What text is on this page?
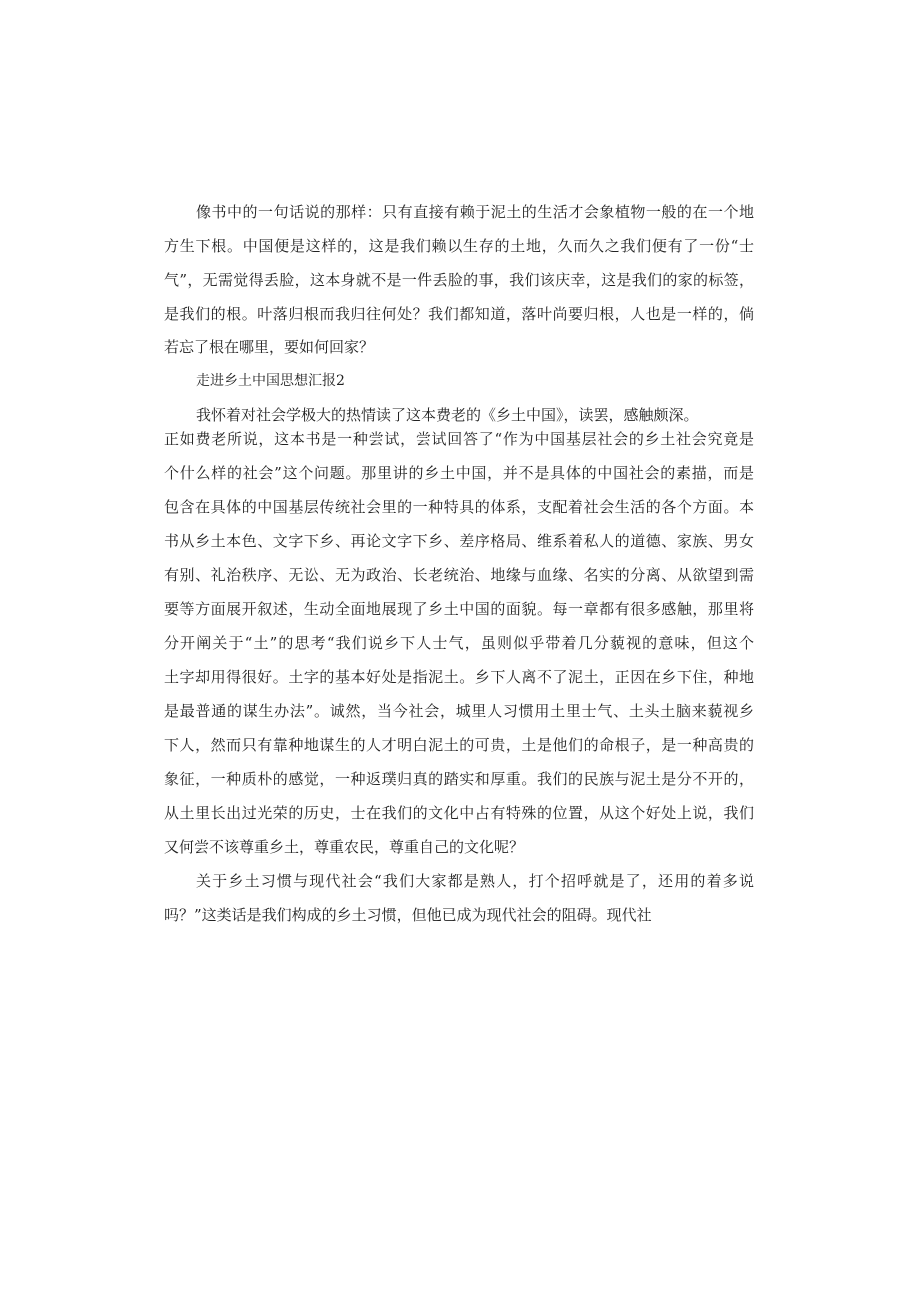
像书中的一句话说的那样：只有直接有赖于泥土的生活才会象植物一般的在一个地
方生下根。中国便是这样的，这是我们赖以生存的土地，久而久之我们便有了一份“士
气”，无需觉得丢脸，这本身就不是一件丢脸的事，我们该庆幸，这是我们的家的标签，
是我们的根。叶落归根而我归往何处？我们都知道，落叶尚要归根，人也是一样的，倘
若忘了根在哪里，要如何回家？
走进乡土中国思想汇报2
我怀着对社会学极大的热情读了这本费老的《乡土中国》，读罢，感触颇深。
正如费老所说，这本书是一种尝试，尝试回答了“作为中国基层社会的乡土社会究竟是
个什么样的社会”这个问题。那里讲的乡土中国，并不是具体的中国社会的素描，而是
包含在具体的中国基层传统社会里的一种特具的体系，支配着社会生活的各个方面。本
书从乡土本色、文字下乡、再论文字下乡、差序格局、维系着私人的道德、家族、男女
有别、礼治秩序、无讼、无为政治、长老统治、地缘与血缘、名实的分离、从欲望到需
要等方面展开叙述，生动全面地展现了乡土中国的面貌。每一章都有很多感触，那里将
分开阐关于“土”的思考“我们说乡下人士气，虽则似乎带着几分藐视的意味，但这个
土字却用得很好。土字的基本好处是指泥土。乡下人离不了泥土，正因在乡下住，种地
是最普通的谋生办法”。诚然，当今社会，城里人习惯用土里士气、土头土脑来藐视乡
下人，然而只有靠种地谋生的人才明白泥土的可贵，土是他们的命根子，是一种高贵的
象征，一种质朴的感觉，一种返璞归真的踏实和厚重。我们的民族与泥土是分不开的，
从土里长出过光荣的历史，士在我们的文化中占有特殊的位置，从这个好处上说，我们
又何尝不该尊重乡土，尊重农民，尊重自己的文化呢？
关于乡土习惯与现代社会“我们大家都是熟人，打个招呼就是了，还用的着多说
吗？”这类话是我们构成的乡土习惯，但他已成为现代社会的阻碍。现代社
